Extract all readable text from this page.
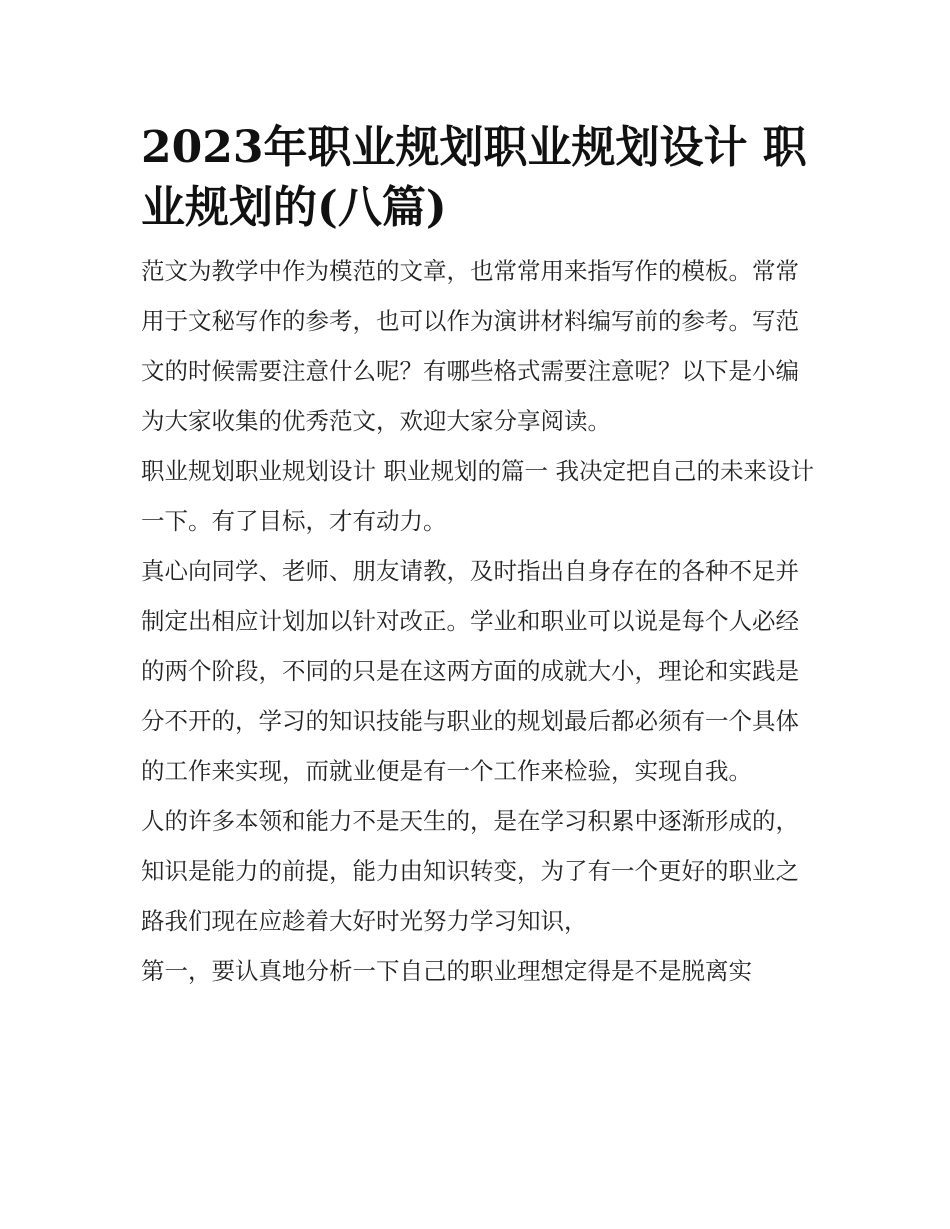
2023年职业规划职业规划设计 职业规划的(八篇)

范文为教学中作为模范的文章，也常常用来指写作的模板。常常用于文秘写作的参考，也可以作为演讲材料编写前的参考。写范文的时候需要注意什么呢？有哪些格式需要注意呢？以下是小编为大家收集的优秀范文，欢迎大家分享阅读。

职业规划职业规划设计 职业规划的篇一 我决定把自己的未来设计一下。有了目标，才有动力。

真心向同学、老师、朋友请教，及时指出自身存在的各种不足并制定出相应计划加以针对改正。学业和职业可以说是每个人必经的两个阶段，不同的只是在这两方面的成就大小，理论和实践是分不开的，学习的知识技能与职业的规划最后都必须有一个具体的工作来实现，而就业便是有一个工作来检验，实现自我。

人的许多本领和能力不是天生的，是在学习积累中逐渐形成的，知识是能力的前提，能力由知识转变，为了有一个更好的职业之路我们现在应趁着大好时光努力学习知识，

第一，要认真地分析一下自己的职业理想定得是不是脱离实
